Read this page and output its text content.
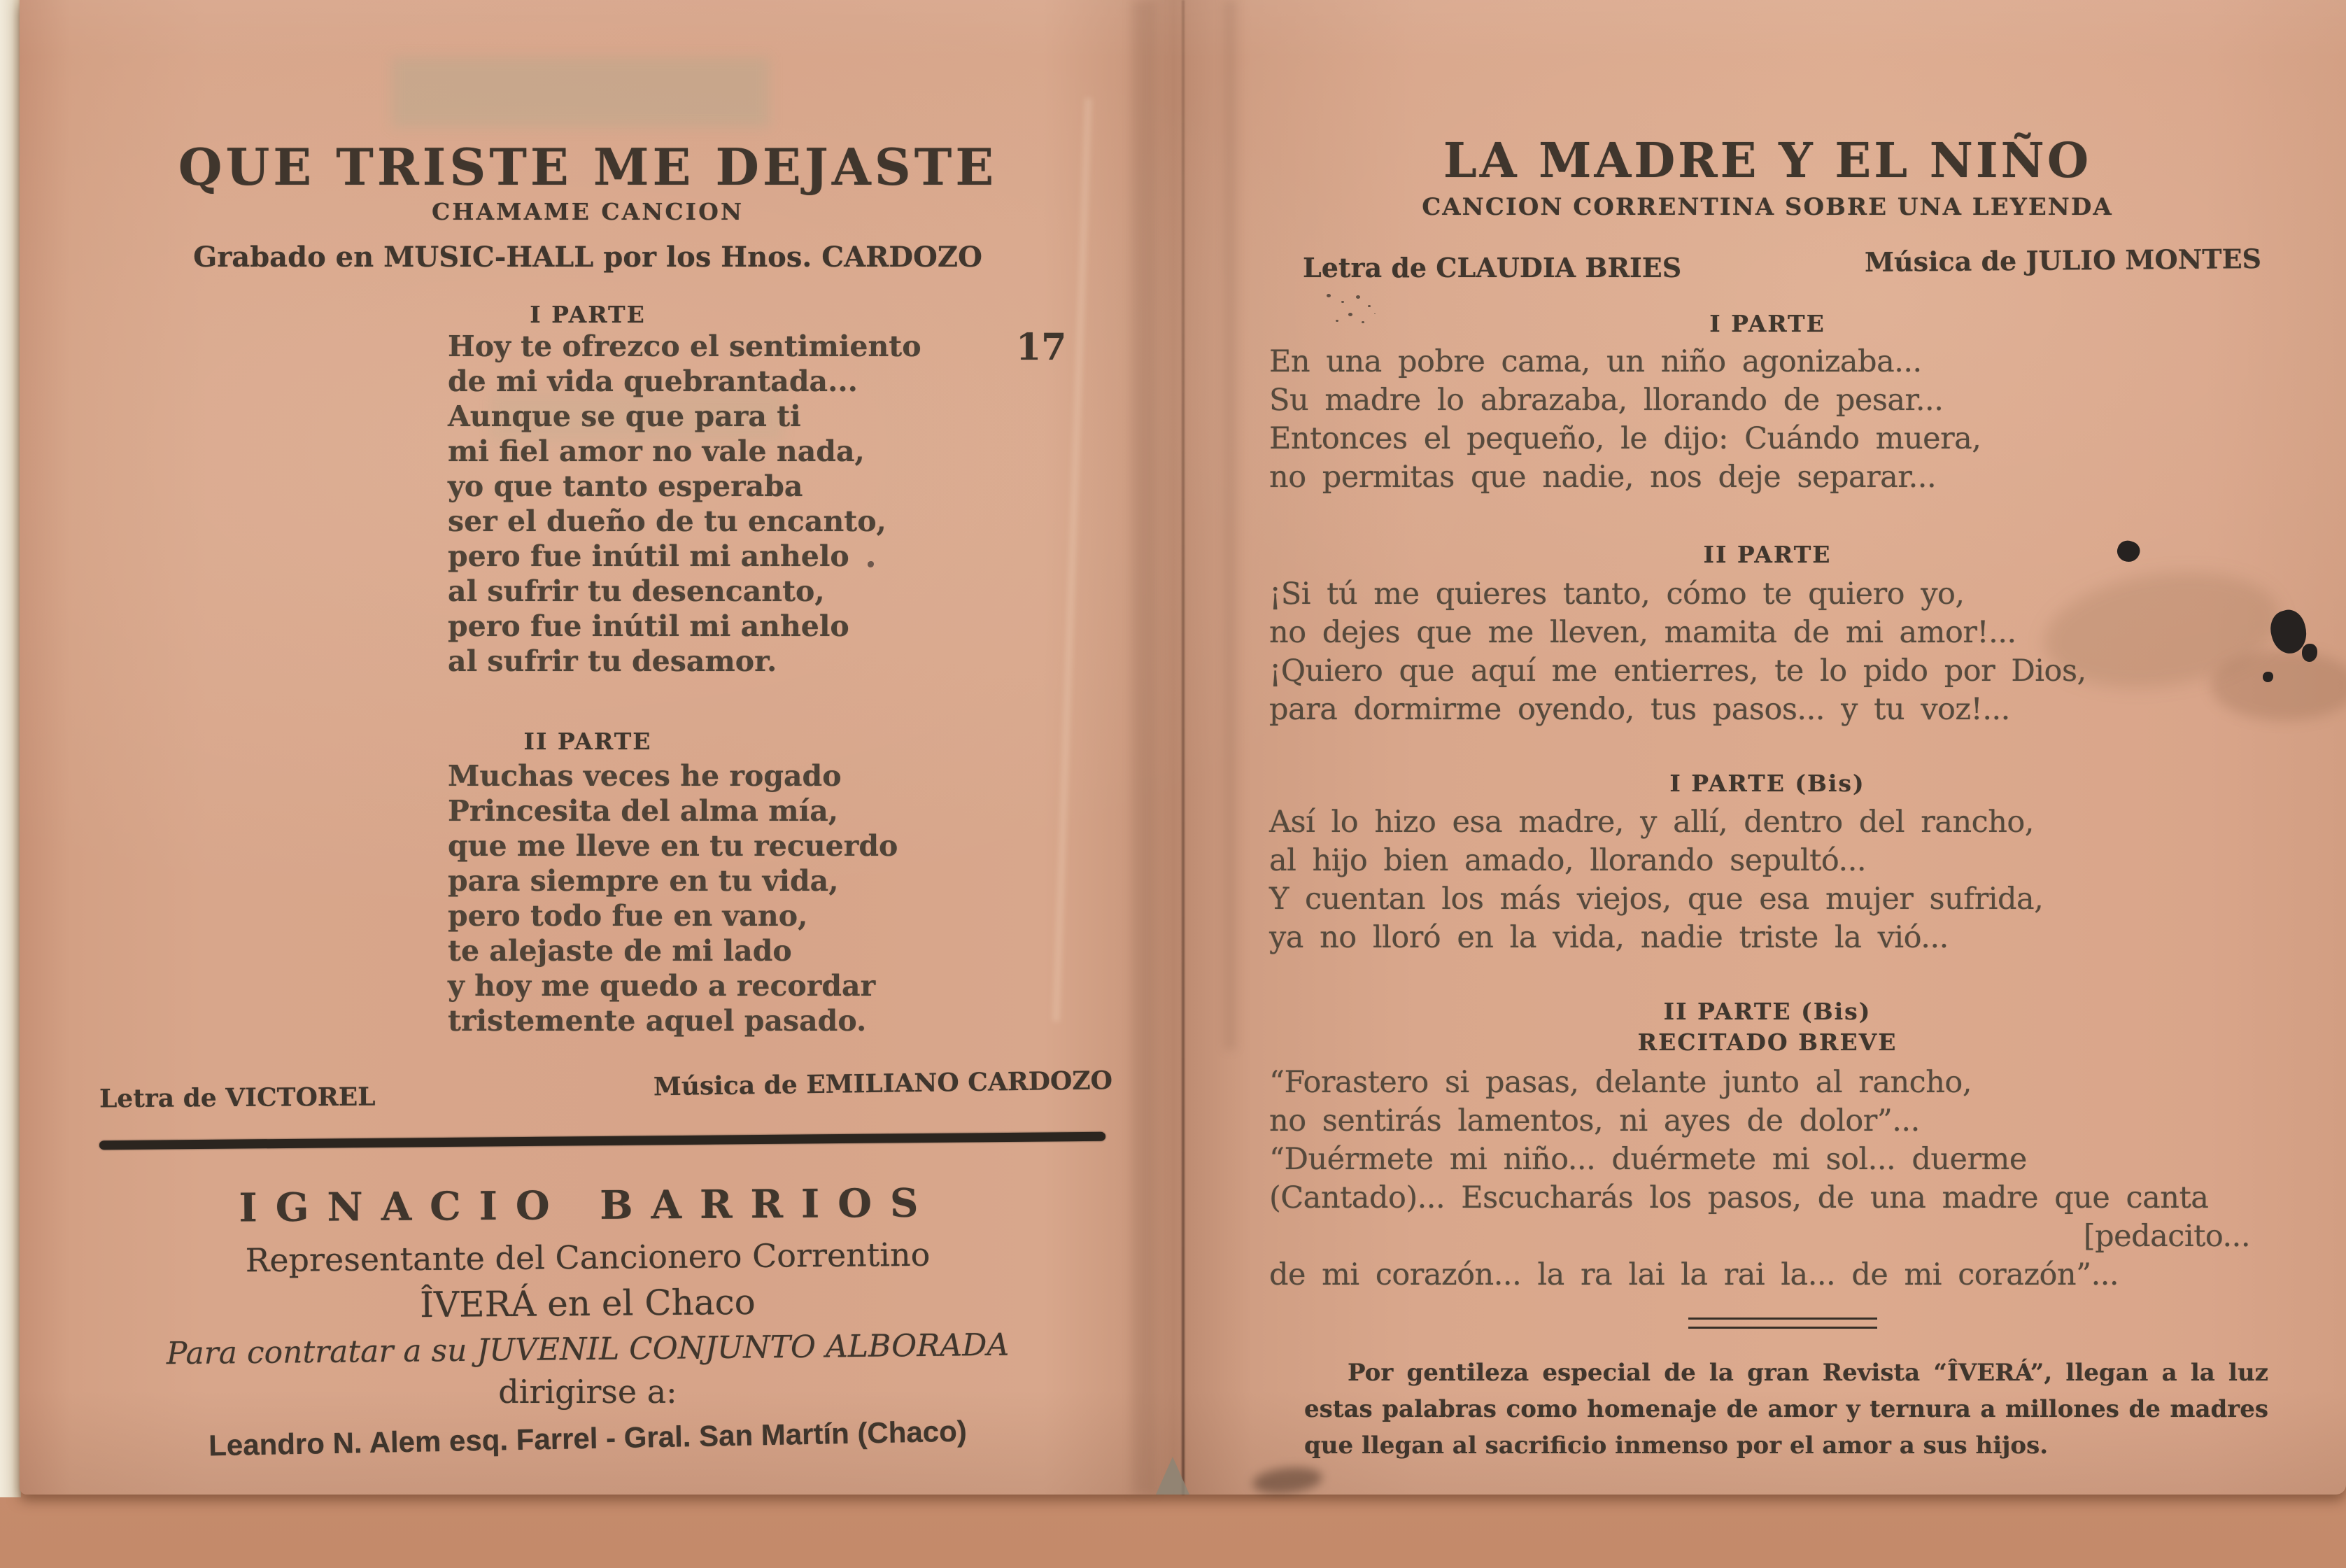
QUE TRISTE ME DEJASTE
CHAMAME CANCION
Grabado en MUSIC-HALL por los Hnos. CARDOZO
17
I PARTE
Hoy te ofrezco el sentimiento
de mi vida quebrantada...
Aunque se que para ti
mi fiel amor no vale nada,
yo que tanto esperaba
ser el dueño de tu encanto,
pero fue inútil mi anhelo
al sufrir tu desencanto,
pero fue inútil mi anhelo
al sufrir tu desamor.
II PARTE
Muchas veces he rogado
Princesita del alma mía,
que me lleve en tu recuerdo
para siempre en tu vida,
pero todo fue en vano,
te alejaste de mi lado
y hoy me quedo a recordar
tristemente aquel pasado.
Letra de VICTOREL	Música de EMILIANO CARDOZO
IGNACIO BARRIOS
Representante del Cancionero Correntino
ÎVERÁ en el Chaco
Para contratar a su JUVENIL CONJUNTO ALBORADA
dirigirse a:
Leandro N. Alem esq. Farrel - Gral. San Martín (Chaco)
LA MADRE Y EL NIÑO
CANCION CORRENTINA SOBRE UNA LEYENDA
Letra de CLAUDIA BRIES	Música de JULIO MONTES
I PARTE
En una pobre cama, un niño agonizaba...
Su madre lo abrazaba, llorando de pesar...
Entonces el pequeño, le dijo: Cuándo muera,
no permitas que nadie, nos deje separar...
II PARTE
¡Si tú me quieres tanto, cómo te quiero yo,
no dejes que me lleven, mamita de mi amor!...
¡Quiero que aquí me entierres, te lo pido por Dios,
para dormirme oyendo, tus pasos... y tu voz!...
I PARTE (Bis)
Así lo hizo esa madre, y allí, dentro del rancho,
al hijo bien amado, llorando sepultó...
Y cuentan los más viejos, que esa mujer sufrida,
ya no lloró en la vida, nadie triste la vió...
II PARTE (Bis)
RECITADO BREVE
“Forastero si pasas, delante junto al rancho,
no sentirás lamentos, ni ayes de dolor”...
“Duérmete mi niño... duérmete mi sol... duerme
(Cantado)... Escucharás los pasos, de una madre que canta
[pedacito...
de mi corazón... la ra lai la rai la... de mi corazón”...
Por gentileza especial de la gran Revista “ÎVERÁ”, llegan a la luz estas palabras como homenaje de amor y ternura a millones de madres que llegan al sacrificio inmenso por el amor a sus hijos.
